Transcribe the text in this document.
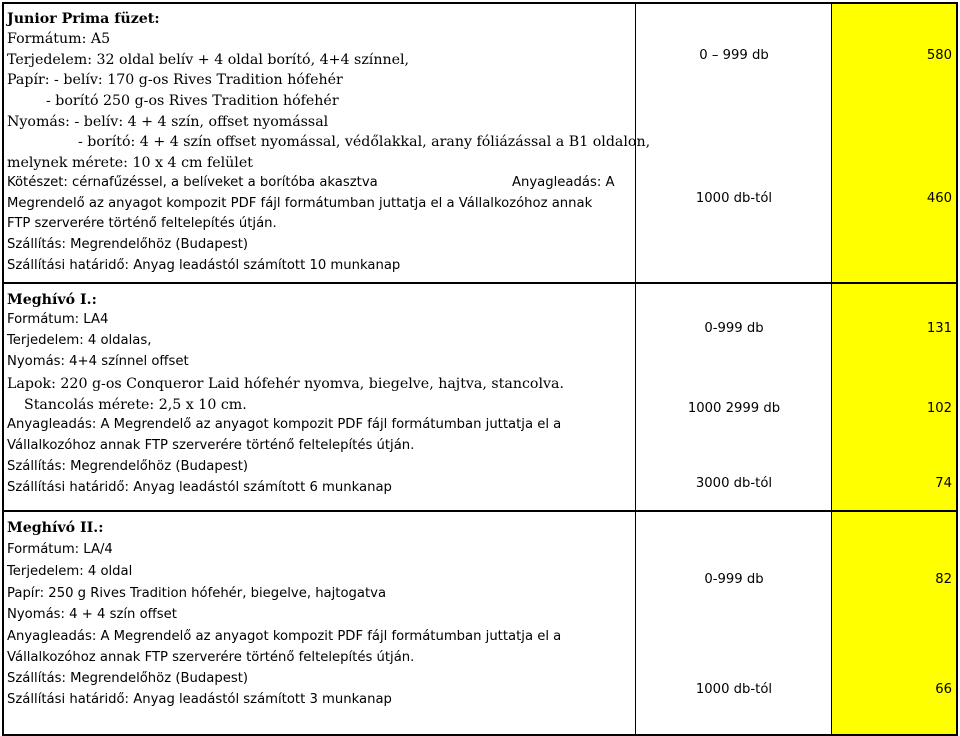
Junior Prima füzet:
Formátum: A5
Terjedelem: 32 oldal belív + 4 oldal borító, 4+4 színnel,
Papír: - belív: 170 g-os Rives Tradition hófehér
- borító 250 g-os Rives Tradition hófehér
Nyomás: - belív: 4 + 4 szín, offset nyomással
- borító: 4 + 4 szín offset nyomással, védőlakkal, arany fóliázással a B1 oldalon,
melynek mérete: 10 x 4 cm felület
Kötészet: cérnafűzéssel, a belíveket a borítóba akasztva	Anyagleadás: A
Megrendelő az anyagot kompozit PDF fájl formátumban juttatja el a Vállalkozóhoz annak
FTP szerverére történő feltelepítés útján.
Szállítás: Megrendelőhöz (Budapest)
Szállítási határidő: Anyag leadástól számított 10 munkanap
0 – 999 db
1000 db-tól
580
460
Meghívó I.:
Formátum: LA4
Terjedelem: 4 oldalas,
Nyomás: 4+4 színnel offset
Lapok: 220 g-os Conqueror Laid hófehér nyomva, biegelve, hajtva, stancolva.
Stancolás mérete: 2,5 x 10 cm.
Anyagleadás: A Megrendelő az anyagot kompozit PDF fájl formátumban juttatja el a
Vállalkozóhoz annak FTP szerverére történő feltelepítés útján.
Szállítás: Megrendelőhöz (Budapest)
Szállítási határidő: Anyag leadástól számított 6 munkanap
0-999 db
1000 2999 db
3000 db-tól
131
102
74
Meghívó II.:
Formátum: LA/4
Terjedelem: 4 oldal
Papír: 250 g Rives Tradition hófehér, biegelve, hajtogatva
Nyomás: 4 + 4 szín offset
Anyagleadás: A Megrendelő az anyagot kompozit PDF fájl formátumban juttatja el a
Vállalkozóhoz annak FTP szerverére történő feltelepítés útján.
Szállítás: Megrendelőhöz (Budapest)
Szállítási határidő: Anyag leadástól számított 3 munkanap
0-999 db
1000 db-tól
82
66
